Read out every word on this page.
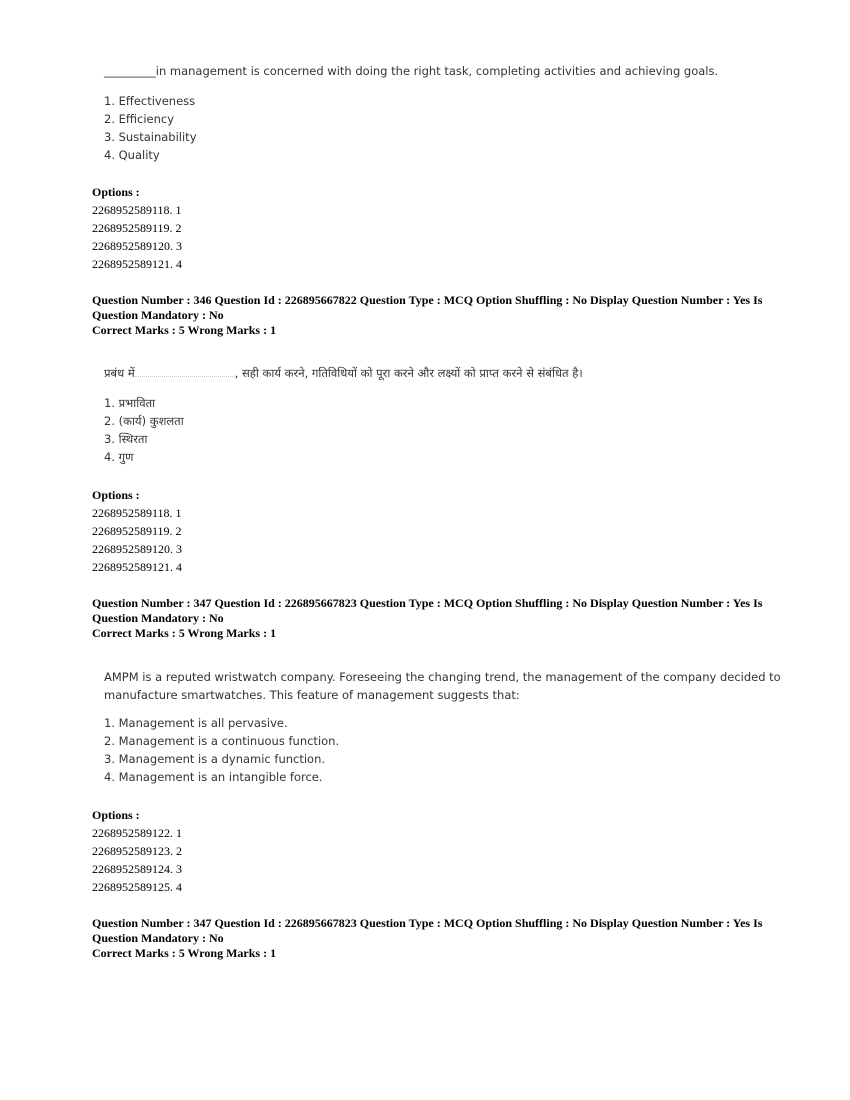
_________in management is concerned with doing the right task, completing activities and achieving goals.

1. Effectiveness
2. Efficiency
3. Sustainability
4. Quality

Options :

2268952589118. 1

2268952589119. 2

2268952589120. 3

2268952589121. 4

Question Number : 346 Question Id : 226895667822 Question Type : MCQ Option Shuffling : No Display Question Number : Yes Is Question Mandatory : No

Correct Marks : 5 Wrong Marks : 1

प्रबंध में	, सही कार्य करने, गतिविधियों को पूरा करने और लक्ष्यों को प्राप्त करने से संबंधित है।

1. प्रभाविता
2. (कार्य) कुशलता
3. स्थिरता
4. गुण

Options :

2268952589118. 1

2268952589119. 2

2268952589120. 3

2268952589121. 4

Question Number : 347 Question Id : 226895667823 Question Type : MCQ Option Shuffling : No Display Question Number : Yes Is Question Mandatory : No

Correct Marks : 5 Wrong Marks : 1

AMPM is a reputed wristwatch company. Foreseeing the changing trend, the management of the company decided to

manufacture smartwatches. This feature of management suggests that:

1. Management is all pervasive.
2. Management is a continuous function.
3. Management is a dynamic function.
4. Management is an intangible force.

Options :

2268952589122. 1

2268952589123. 2

2268952589124. 3

2268952589125. 4

Question Number : 347 Question Id : 226895667823 Question Type : MCQ Option Shuffling : No Display Question Number : Yes Is Question Mandatory : No

Correct Marks : 5 Wrong Marks : 1
